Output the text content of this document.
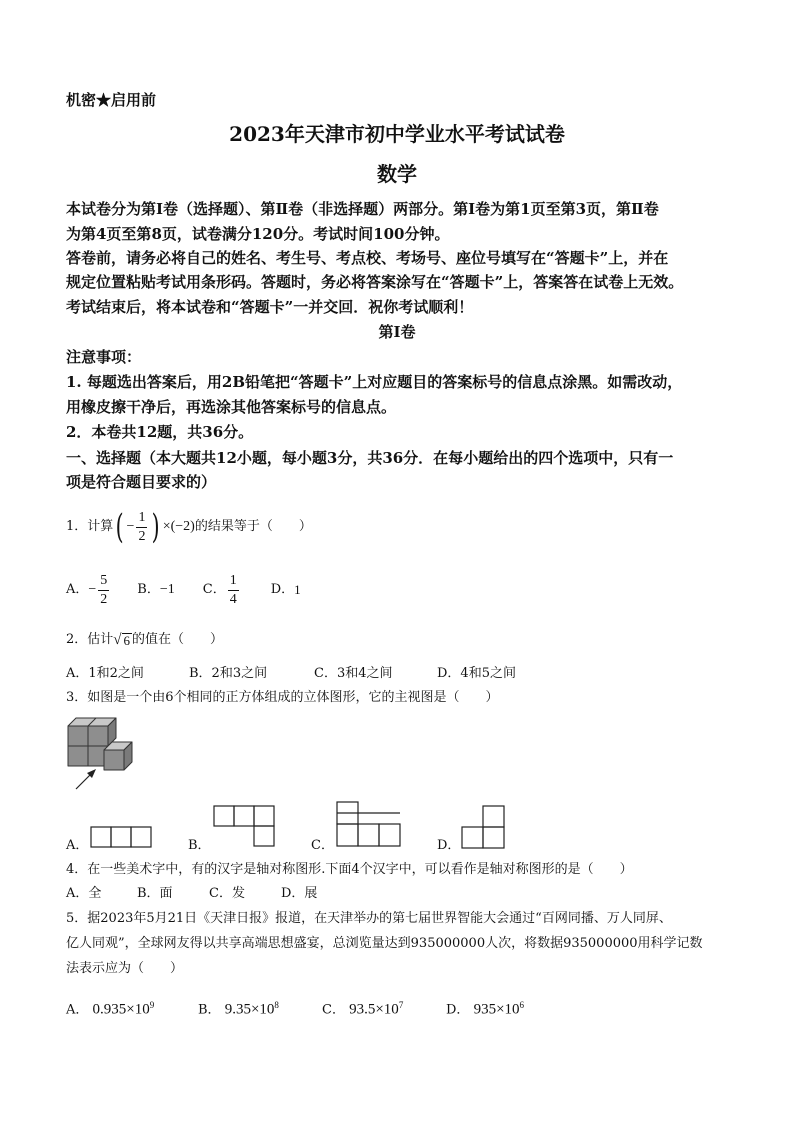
机密★启用前
2023年天津市初中学业水平考试试卷
数学
本试卷分为第Ⅰ卷（选择题）、第Ⅱ卷（非选择题）两部分。第Ⅰ卷为第1页至第3页，第Ⅱ卷
为第4页至第8页，试卷满分120分。考试时间100分钟。
答卷前，请务必将自己的姓名、考生号、考点校、考场号、座位号填写在“答题卡”上，并在
规定位置粘贴考试用条形码。答题时，务必将答案涂写在“答题卡”上，答案答在试卷上无效。
考试结束后，将本试卷和“答题卡”一并交回．祝你考试顺利！
第Ⅰ卷
注意事项：
1. 每题选出答案后，用2B铅笔把“答题卡”上对应题目的答案标号的信息点涂黑。如需改动，
用橡皮擦干净后，再选涂其他答案标号的信息点。
2．本卷共12题，共36分。
一、选择题（本大题共12小题，每小题3分，共36分．在每小题给出的四个选项中，只有一
项是符合题目要求的）
1．计算 ( − $\frac{1}{2}$ ) × (−2) 的结果等于（　　）
A． − $\frac{5}{2}$ B． −1 C． $\frac{1}{4}$ D． 1
2．估计 √ 6 的值在（　　）
A．1和2之间	B．2和3之间	C．3和4之间	D．4和5之间
3．如图是一个由6个相同的正方体组成的立体图形，它的主视图是（　　）
A．	B．	C．	D．
4．在一些美术字中，有的汉字是轴对称图形.下面4个汉字中，可以看作是轴对称图形的是（　　）
A．全	B．面	C．发	D．展
5．据2023年5月21日《天津日报》报道，在天津举办的第七届世界智能大会通过“百网同播、万人同屏、
亿人同观”，全球网友得以共享高端思想盛宴，总浏览量达到935000000人次，将数据935000000用科学记数
法表示应为（　　）
A． $0.935\times 10^9$	B． $9.35\times 10^8$	C． $93.5\times 10^7$	D． $935\times 10^6$
